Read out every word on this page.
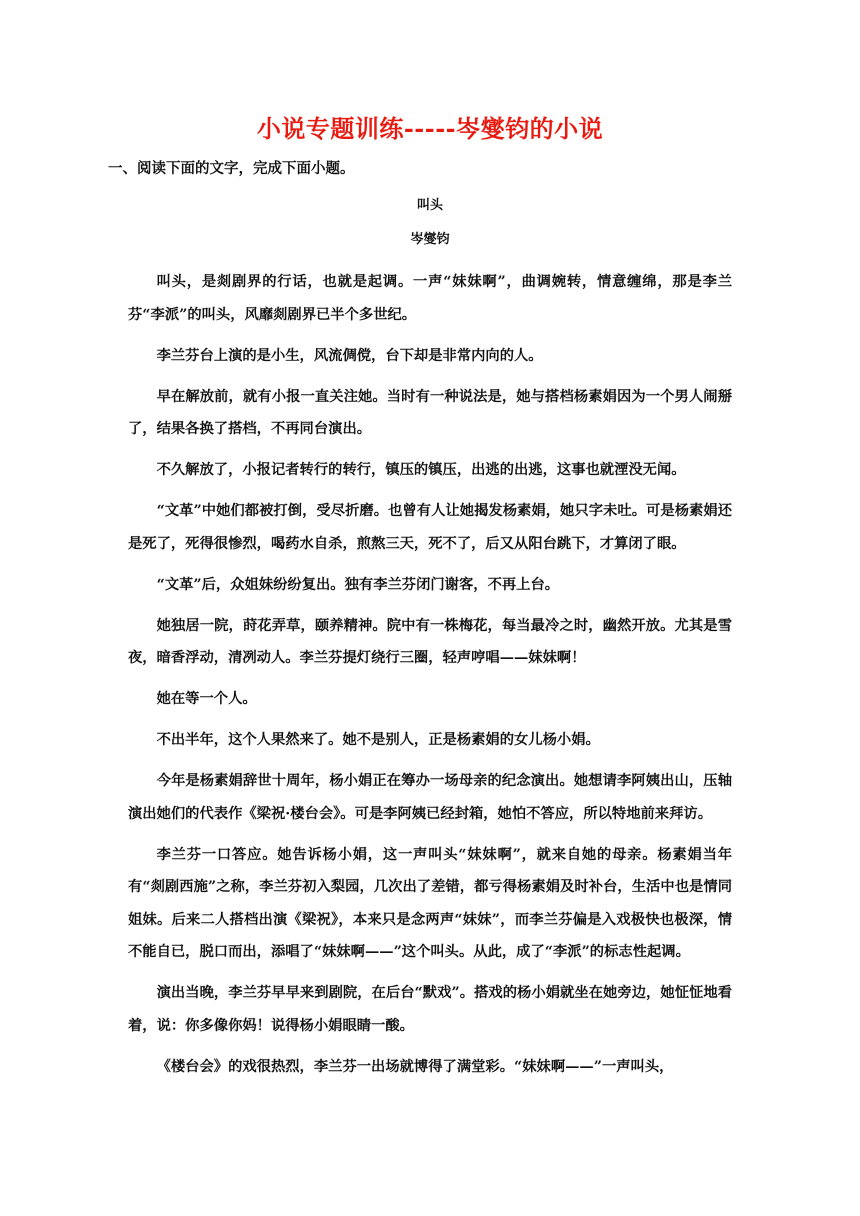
小说专题训练-----岑燮钧的小说

一、阅读下面的文字，完成下面小题。

叫头

岑燮钧

叫头，是剡剧界的行话，也就是起调。一声“妹妹啊”，曲调婉转，情意缠绵，那是李兰芬“李派”的叫头，风靡剡剧界已半个多世纪。

李兰芬台上演的是小生，风流倜傥，台下却是非常内向的人。

早在解放前，就有小报一直关注她。当时有一种说法是，她与搭档杨素娟因为一个男人闹掰了，结果各换了搭档，不再同台演出。

不久解放了，小报记者转行的转行，镇压的镇压，出逃的出逃，这事也就湮没无闻。

“文革”中她们都被打倒，受尽折磨。也曾有人让她揭发杨素娟，她只字未吐。可是杨素娟还是死了，死得很惨烈，喝药水自杀，煎熬三天，死不了，后又从阳台跳下，才算闭了眼。

“文革”后，众姐妹纷纷复出。独有李兰芬闭门谢客，不再上台。

她独居一院，莳花弄草，颐养精神。院中有一株梅花，每当最冷之时，幽然开放。尤其是雪夜，暗香浮动，清冽动人。李兰芬提灯绕行三圈，轻声哼唱——妹妹啊！

她在等一个人。

不出半年，这个人果然来了。她不是别人，正是杨素娟的女儿杨小娟。

今年是杨素娟辞世十周年，杨小娟正在筹办一场母亲的纪念演出。她想请李阿姨出山，压轴演出她们的代表作《梁祝·楼台会》。可是李阿姨已经封箱，她怕不答应，所以特地前来拜访。

李兰芬一口答应。她告诉杨小娟，这一声叫头“妹妹啊”，就来自她的母亲。杨素娟当年有“剡剧西施”之称，李兰芬初入梨园，几次出了差错，都亏得杨素娟及时补台，生活中也是情同姐妹。后来二人搭档出演《梁祝》，本来只是念两声“妹妹”，而李兰芬偏是入戏极快也极深，情不能自已，脱口而出，添唱了“妹妹啊——”这个叫头。从此，成了“李派”的标志性起调。

演出当晚，李兰芬早早来到剧院，在后台“默戏”。搭戏的杨小娟就坐在她旁边，她怔怔地看着，说：你多像你妈！说得杨小娟眼睛一酸。

《楼台会》的戏很热烈，李兰芬一出场就博得了满堂彩。“妹妹啊——”一声叫头，
